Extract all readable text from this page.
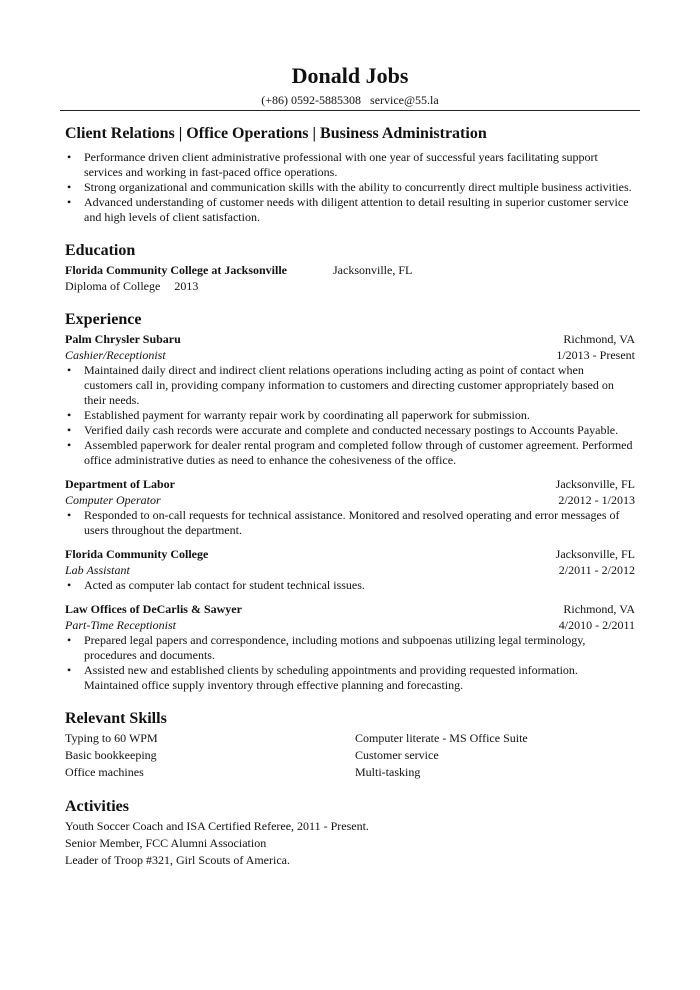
Donald Jobs
(+86) 0592-5885308 service@55.la
Client Relations | Office Operations | Business Administration
• Performance driven client administrative professional with one year of successful years facilitating support services and working in fast-paced office operations.
• Strong organizational and communication skills with the ability to concurrently direct multiple business activities.
• Advanced understanding of customer needs with diligent attention to detail resulting in superior customer service and high levels of client satisfaction.
Education
Florida Community College at Jacksonville	Jacksonville, FL
Diploma of College 2013
Experience
Palm Chrysler Subaru	Richmond, VA
Cashier/Receptionist	1/2013 - Present
• Maintained daily direct and indirect client relations operations including acting as point of contact when customers call in, providing company information to customers and directing customer appropriately based on their needs.
• Established payment for warranty repair work by coordinating all paperwork for submission.
• Verified daily cash records were accurate and complete and conducted necessary postings to Accounts Payable.
• Assembled paperwork for dealer rental program and completed follow through of customer agreement. Performed office administrative duties as need to enhance the cohesiveness of the office.
Department of Labor	Jacksonville, FL
Computer Operator	2/2012 - 1/2013
• Responded to on-call requests for technical assistance. Monitored and resolved operating and error messages of users throughout the department.
Florida Community College	Jacksonville, FL
Lab Assistant	2/2011 - 2/2012
• Acted as computer lab contact for student technical issues.
Law Offices of DeCarlis & Sawyer	Richmond, VA
Part-Time Receptionist	4/2010 - 2/2011
• Prepared legal papers and correspondence, including motions and subpoenas utilizing legal terminology, procedures and documents.
• Assisted new and established clients by scheduling appointments and providing requested information. Maintained office supply inventory through effective planning and forecasting.
Relevant Skills
Typing to 60 WPM	Computer literate - MS Office Suite
Basic bookkeeping	Customer service
Office machines	Multi-tasking
Activities
Youth Soccer Coach and ISA Certified Referee, 2011 - Present.
Senior Member, FCC Alumni Association
Leader of Troop #321, Girl Scouts of America.
